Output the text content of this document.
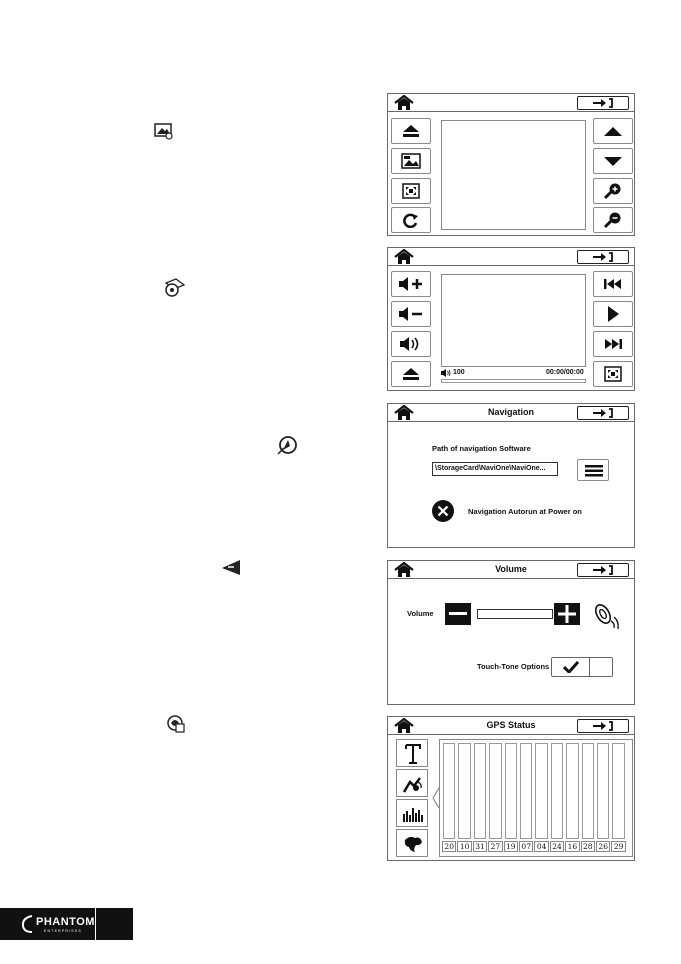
100	00:00/00:00
Navigation
Path of navigation Software
\StorageCard\NaviOne\NaviOne...
Navigation Autorun at Power on
Volume
Volume
Touch-Tone Options
GPS Status
20 10 31 27 19 07 04 24 16 28 26 29
PHANTOM
ENTERPRISES
